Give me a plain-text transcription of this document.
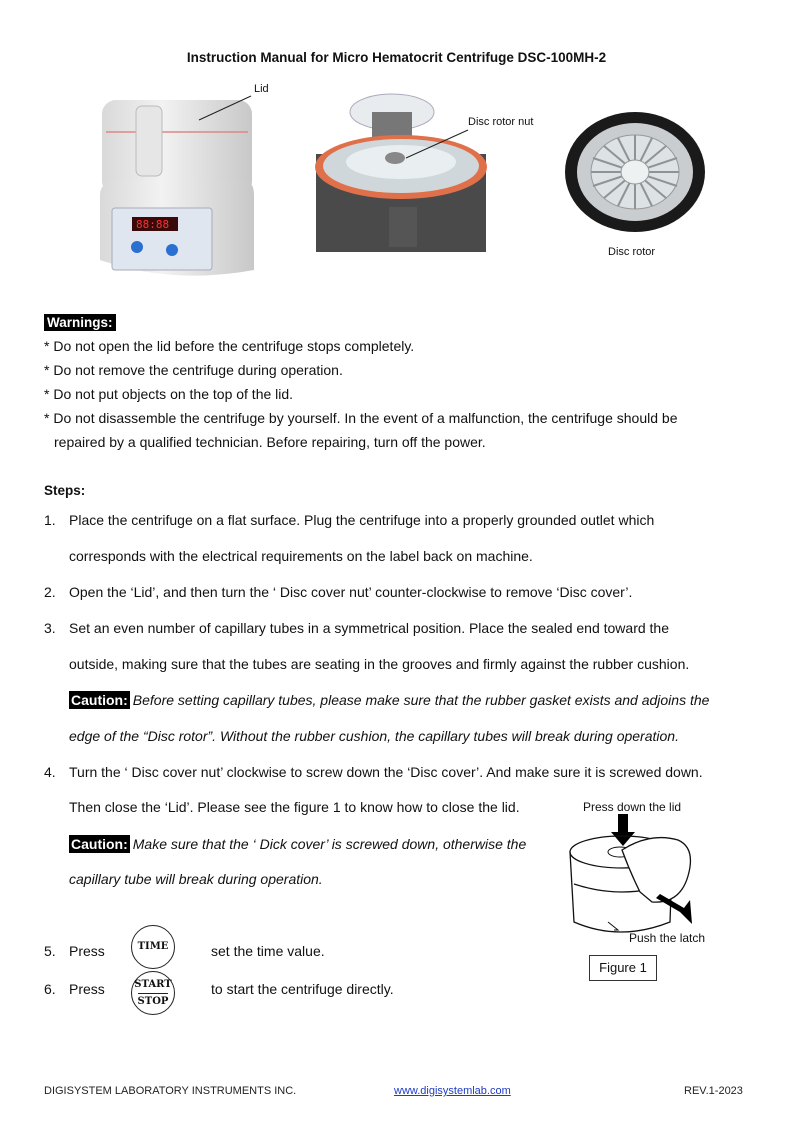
Instruction Manual for Micro Hematocrit Centrifuge DSC-100MH-2
88:88
Lid
Disc rotor nut
Disc rotor
Warnings:
* Do not open the lid before the centrifuge stops completely.
* Do not remove the centrifuge during operation.
* Do not put objects on the top of the lid.
* Do not disassemble the centrifuge by yourself. In the event of a malfunction, the centrifuge should be
repaired by a qualified technician. Before repairing, turn off the power.
Steps:
1. Place the centrifuge on a flat surface. Plug the centrifuge into a properly grounded outlet which
corresponds with the electrical requirements on the label back on machine.
2. Open the ‘Lid’, and then turn the ‘ Disc cover nut’ counter-clockwise to remove ‘Disc cover’.
3. Set an even number of capillary tubes in a symmetrical position. Place the sealed end toward the
outside, making sure that the tubes are seating in the grooves and firmly against the rubber cushion.
Caution: Before setting capillary tubes, please make sure that the rubber gasket exists and adjoins the
edge of the “Disc rotor”. Without the rubber cushion, the capillary tubes will break during operation.
4. Turn the ‘ Disc cover nut’ clockwise to screw down the ‘Disc cover’. And make sure it is screwed down.
Then close the ‘Lid’. Please see the figure 1 to know how to close the lid.
Caution: Make sure that the ‘ Dick cover’ is screwed down, otherwise the
capillary tube will break during operation.
5. Press	TIME	set the time value.
6. Press	START
STOP
to start the centrifuge directly.
Press down the lid
Push the latch
Figure 1
DIGISYSTEM LABORATORY INSTRUMENTS INC.	www.digisystemlab.com	REV.1-2023
